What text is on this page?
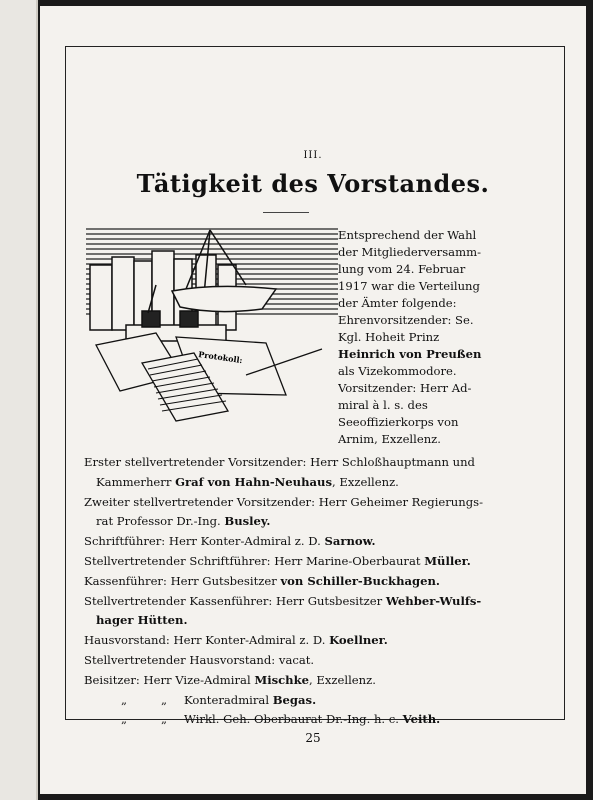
III.
Tätigkeit des Vorstandes.
Protokoll:
Entsprechend der Wahl
der Mitgliederversamm-
lung vom 24. Februar
1917 war die Verteilung
der Ämter folgende:
Ehrenvorsitzender: Se.
Kgl. Hoheit Prinz
Heinrich von Preußen
als Vizekommodore.
Vorsitzender: Herr Ad-
miral à l. s. des
Seeoffizierkorps von
Arnim, Exzellenz.
Erster stellvertretender Vorsitzender: Herr Schloßhauptmann und
Kammerherr Graf von Hahn-Neuhaus, Exzellenz.
Zweiter stellvertretender Vorsitzender: Herr Geheimer Regierungs-
rat Professor Dr.-Ing. Busley.
Schriftführer: Herr Konter-Admiral z. D. Sarnow.
Stellvertretender Schriftführer: Herr Marine-Oberbaurat Müller.
Kassenführer: Herr Gutsbesitzer von Schiller-Buckhagen.
Stellvertretender Kassenführer: Herr Gutsbesitzer Wehber-Wulfs-
hager Hütten.
Hausvorstand: Herr Konter-Admiral z. D. Koellner.
Stellvertretender Hausvorstand: vacat.
Beisitzer: Herr Vize-Admiral Mischke, Exzellenz.
„	„ Konteradmiral Begas.
„	„ Wirkl. Geh. Oberbaurat Dr.-Ing. h. c. Veith.
25
